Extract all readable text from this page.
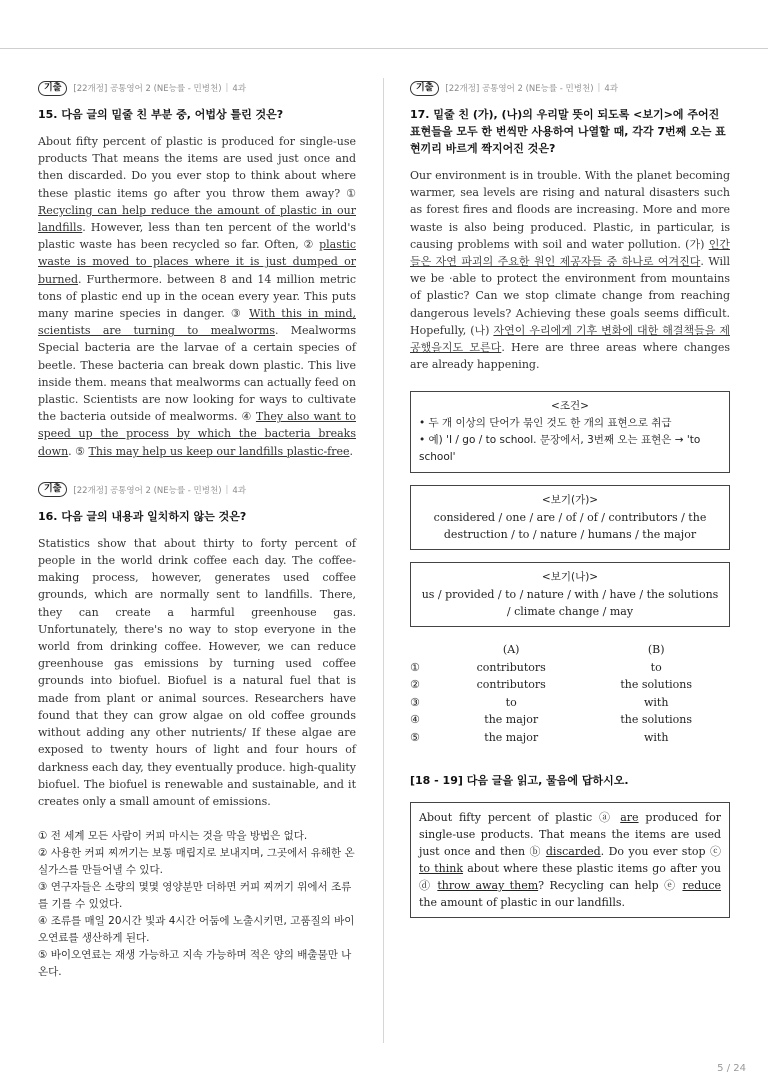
기출	[22개정] 공통영어 2 (NE능률 - 민병천) | 4과
15. 다음 글의 밑줄 친 부분 중, 어법상 틀린 것은?
About fifty percent of plastic is produced for single-use products That means the items are used just once and then discarded. Do you ever stop to think about where these plastic items go after you throw them away? ① Recycling can help reduce the amount of plastic in our landfills. However, less than ten percent of the world's plastic waste has been recycled so far. Often, ② plastic waste is moved to places where it is just dumped or burned. Furthermore. between 8 and 14 million metric tons of plastic end up in the ocean every year. This puts many marine species in danger. ③ With this in mind, scientists are turning to mealworms. Mealworms Special bacteria are the larvae of a certain species of beetle. These bacteria can break down plastic. This live inside them. means that mealworms can actually feed on plastic. Scientists are now looking for ways to cultivate the bacteria outside of mealworms. ④ They also want to speed up the process by which the bacteria breaks down. ⑤ This may help us keep our landfills plastic-free.
기출	[22개정] 공통영어 2 (NE능률 - 민병천) | 4과
16. 다음 글의 내용과 일치하지 않는 것은?
Statistics show that about thirty to forty percent of people in the world drink coffee each day. The coffee-making process, however, generates used coffee grounds, which are normally sent to landfills. There, they can create a harmful greenhouse gas. Unfortunately, there's no way to stop everyone in the world from drinking coffee. However, we can reduce greenhouse gas emissions by turning used coffee grounds into biofuel. Biofuel is a natural fuel that is made from plant or animal sources. Researchers have found that they can grow algae on old coffee grounds without adding any other nutrients/ If these algae are exposed to twenty hours of light and four hours of darkness each day, they eventually produce. high-quality biofuel. The biofuel is renewable and sustainable, and it creates only a small amount of emissions.
① 전 세계 모든 사람이 커피 마시는 것을 막을 방법은 없다.
② 사용한 커피 찌꺼기는 보통 매립지로 보내지며, 그곳에서 유해한 온실가스를 만들어낼 수 있다.
③ 연구자들은 소량의 몇몇 영양분만 더하면 커피 찌꺼기 위에서 조류를 기를 수 있었다.
④ 조류를 매일 20시간 빛과 4시간 어둠에 노출시키면, 고품질의 바이오연료를 생산하게 된다.
⑤ 바이오연료는 재생 가능하고 지속 가능하며 적은 양의 배출물만 나온다.
기출	[22개정] 공통영어 2 (NE능률 - 민병천) | 4과
17. 밑줄 친 (가), (나)의 우리말 뜻이 되도록 <보기>에 주어진 표현들을 모두 한 번씩만 사용하여 나열할 때, 각각 7번째 오는 표현끼리 바르게 짝지어진 것은?
Our environment is in trouble. With the planet becoming warmer, sea levels are rising and natural disasters such as forest fires and floods are increasing. More and more waste is also being produced. Plastic, in particular, is causing problems with soil and water pollution. (가) 인간들은 자연 파괴의 주요한 원인 제공자들 중 하나로 여겨진다. Will we be ·able to protect the environment from mountains of plastic? Can we stop climate change from reaching dangerous levels? Achieving these goals seems difficult. Hopefully, (나) 자연이 우리에게 기후 변화에 대한 해결책들을 제공했을지도 모른다. Here are three areas where changes are already happening.
<조건>
• 두 개 이상의 단어가 묶인 것도 한 개의 표현으로 취급
• 예) 'I / go / to school. 문장에서, 3번째 오는 표현은 → 'to school'
<보기(가)>
considered / one / are / of / of / contributors / the destruction / to / nature / humans / the major
<보기(나)>
us / provided / to / nature / with / have / the solutions / climate change / may
	(A)	(B)
①	contributors	to
②	contributors	the solutions
③	to	with
④	the major	the solutions
⑤	the major	with
[18 - 19] 다음 글을 읽고, 물음에 답하시오.
About fifty percent of plastic ⓐ are produced for single-use products. That means the items are used just once and then ⓑ discarded. Do you ever stop ⓒ to think about where these plastic items go after you ⓓ throw away them? Recycling can help ⓔ reduce the amount of plastic in our landfills.
5 / 24
